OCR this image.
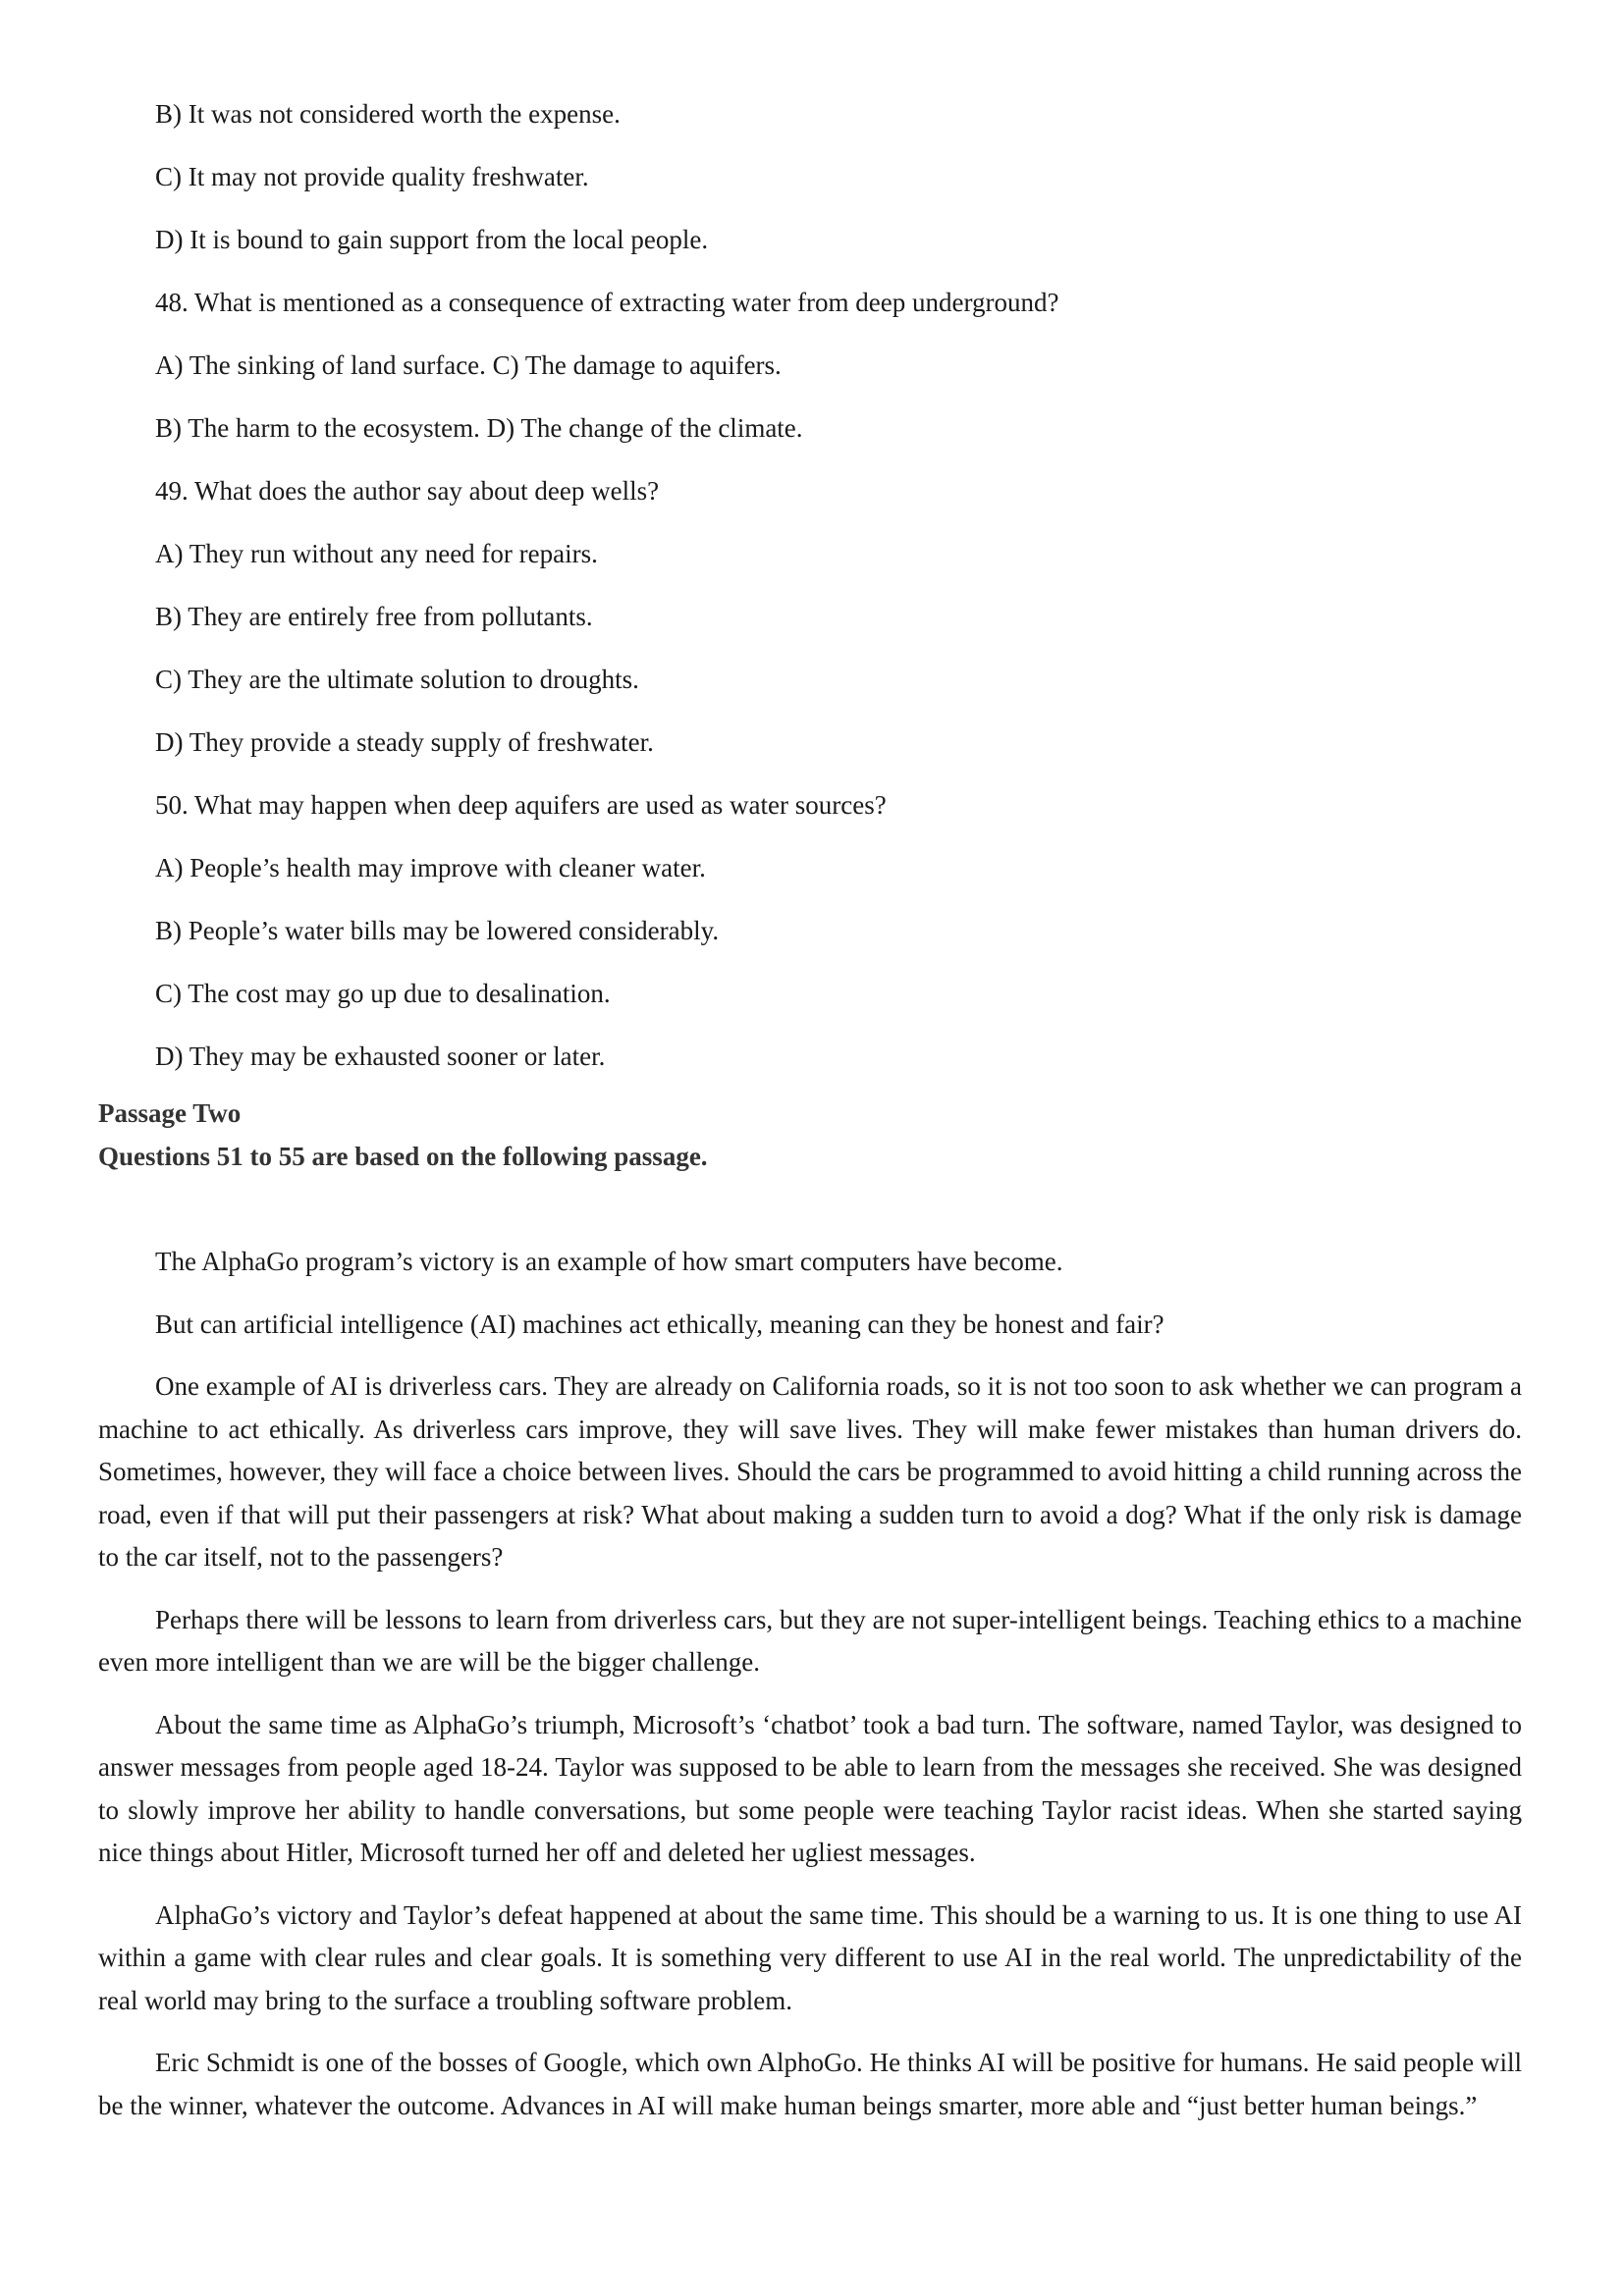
B) It was not considered worth the expense.

C) It may not provide quality freshwater.

D) It is bound to gain support from the local people.

48. What is mentioned as a consequence of extracting water from deep underground?

A) The sinking of land surface. C) The damage to aquifers.

B) The harm to the ecosystem. D) The change of the climate.

49. What does the author say about deep wells?

A) They run without any need for repairs.

B) They are entirely free from pollutants.

C) They are the ultimate solution to droughts.

D) They provide a steady supply of freshwater.

50. What may happen when deep aquifers are used as water sources?

A) People’s health may improve with cleaner water.

B) People’s water bills may be lowered considerably.

C) The cost may go up due to desalination.

D) They may be exhausted sooner or later.

Passage Two

Questions 51 to 55 are based on the following passage.

The AlphaGo program’s victory is an example of how smart computers have become.

But can artificial intelligence (AI) machines act ethically, meaning can they be honest and fair?

One example of AI is driverless cars. They are already on California roads, so it is not too soon to ask whether we can program a machine to act ethically. As driverless cars improve, they will save lives. They will make fewer mistakes than human drivers do. Sometimes, however, they will face a choice between lives. Should the cars be programmed to avoid hitting a child running across the road, even if that will put their passengers at risk? What about making a sudden turn to avoid a dog? What if the only risk is damage to the car itself, not to the passengers?

Perhaps there will be lessons to learn from driverless cars, but they are not super-intelligent beings. Teaching ethics to a machine even more intelligent than we are will be the bigger challenge.

About the same time as AlphaGo’s triumph, Microsoft’s ‘chatbot’ took a bad turn. The software, named Taylor, was designed to answer messages from people aged 18-24. Taylor was supposed to be able to learn from the messages she received. She was designed to slowly improve her ability to handle conversations, but some people were teaching Taylor racist ideas. When she started saying nice things about Hitler, Microsoft turned her off and deleted her ugliest messages.

AlphaGo’s victory and Taylor’s defeat happened at about the same time. This should be a warning to us. It is one thing to use AI within a game with clear rules and clear goals. It is something very different to use AI in the real world. The unpredictability of the real world may bring to the surface a troubling software problem.

Eric Schmidt is one of the bosses of Google, which own AlphoGo. He thinks AI will be positive for humans. He said people will be the winner, whatever the outcome. Advances in AI will make human beings smarter, more able and “just better human beings.”
